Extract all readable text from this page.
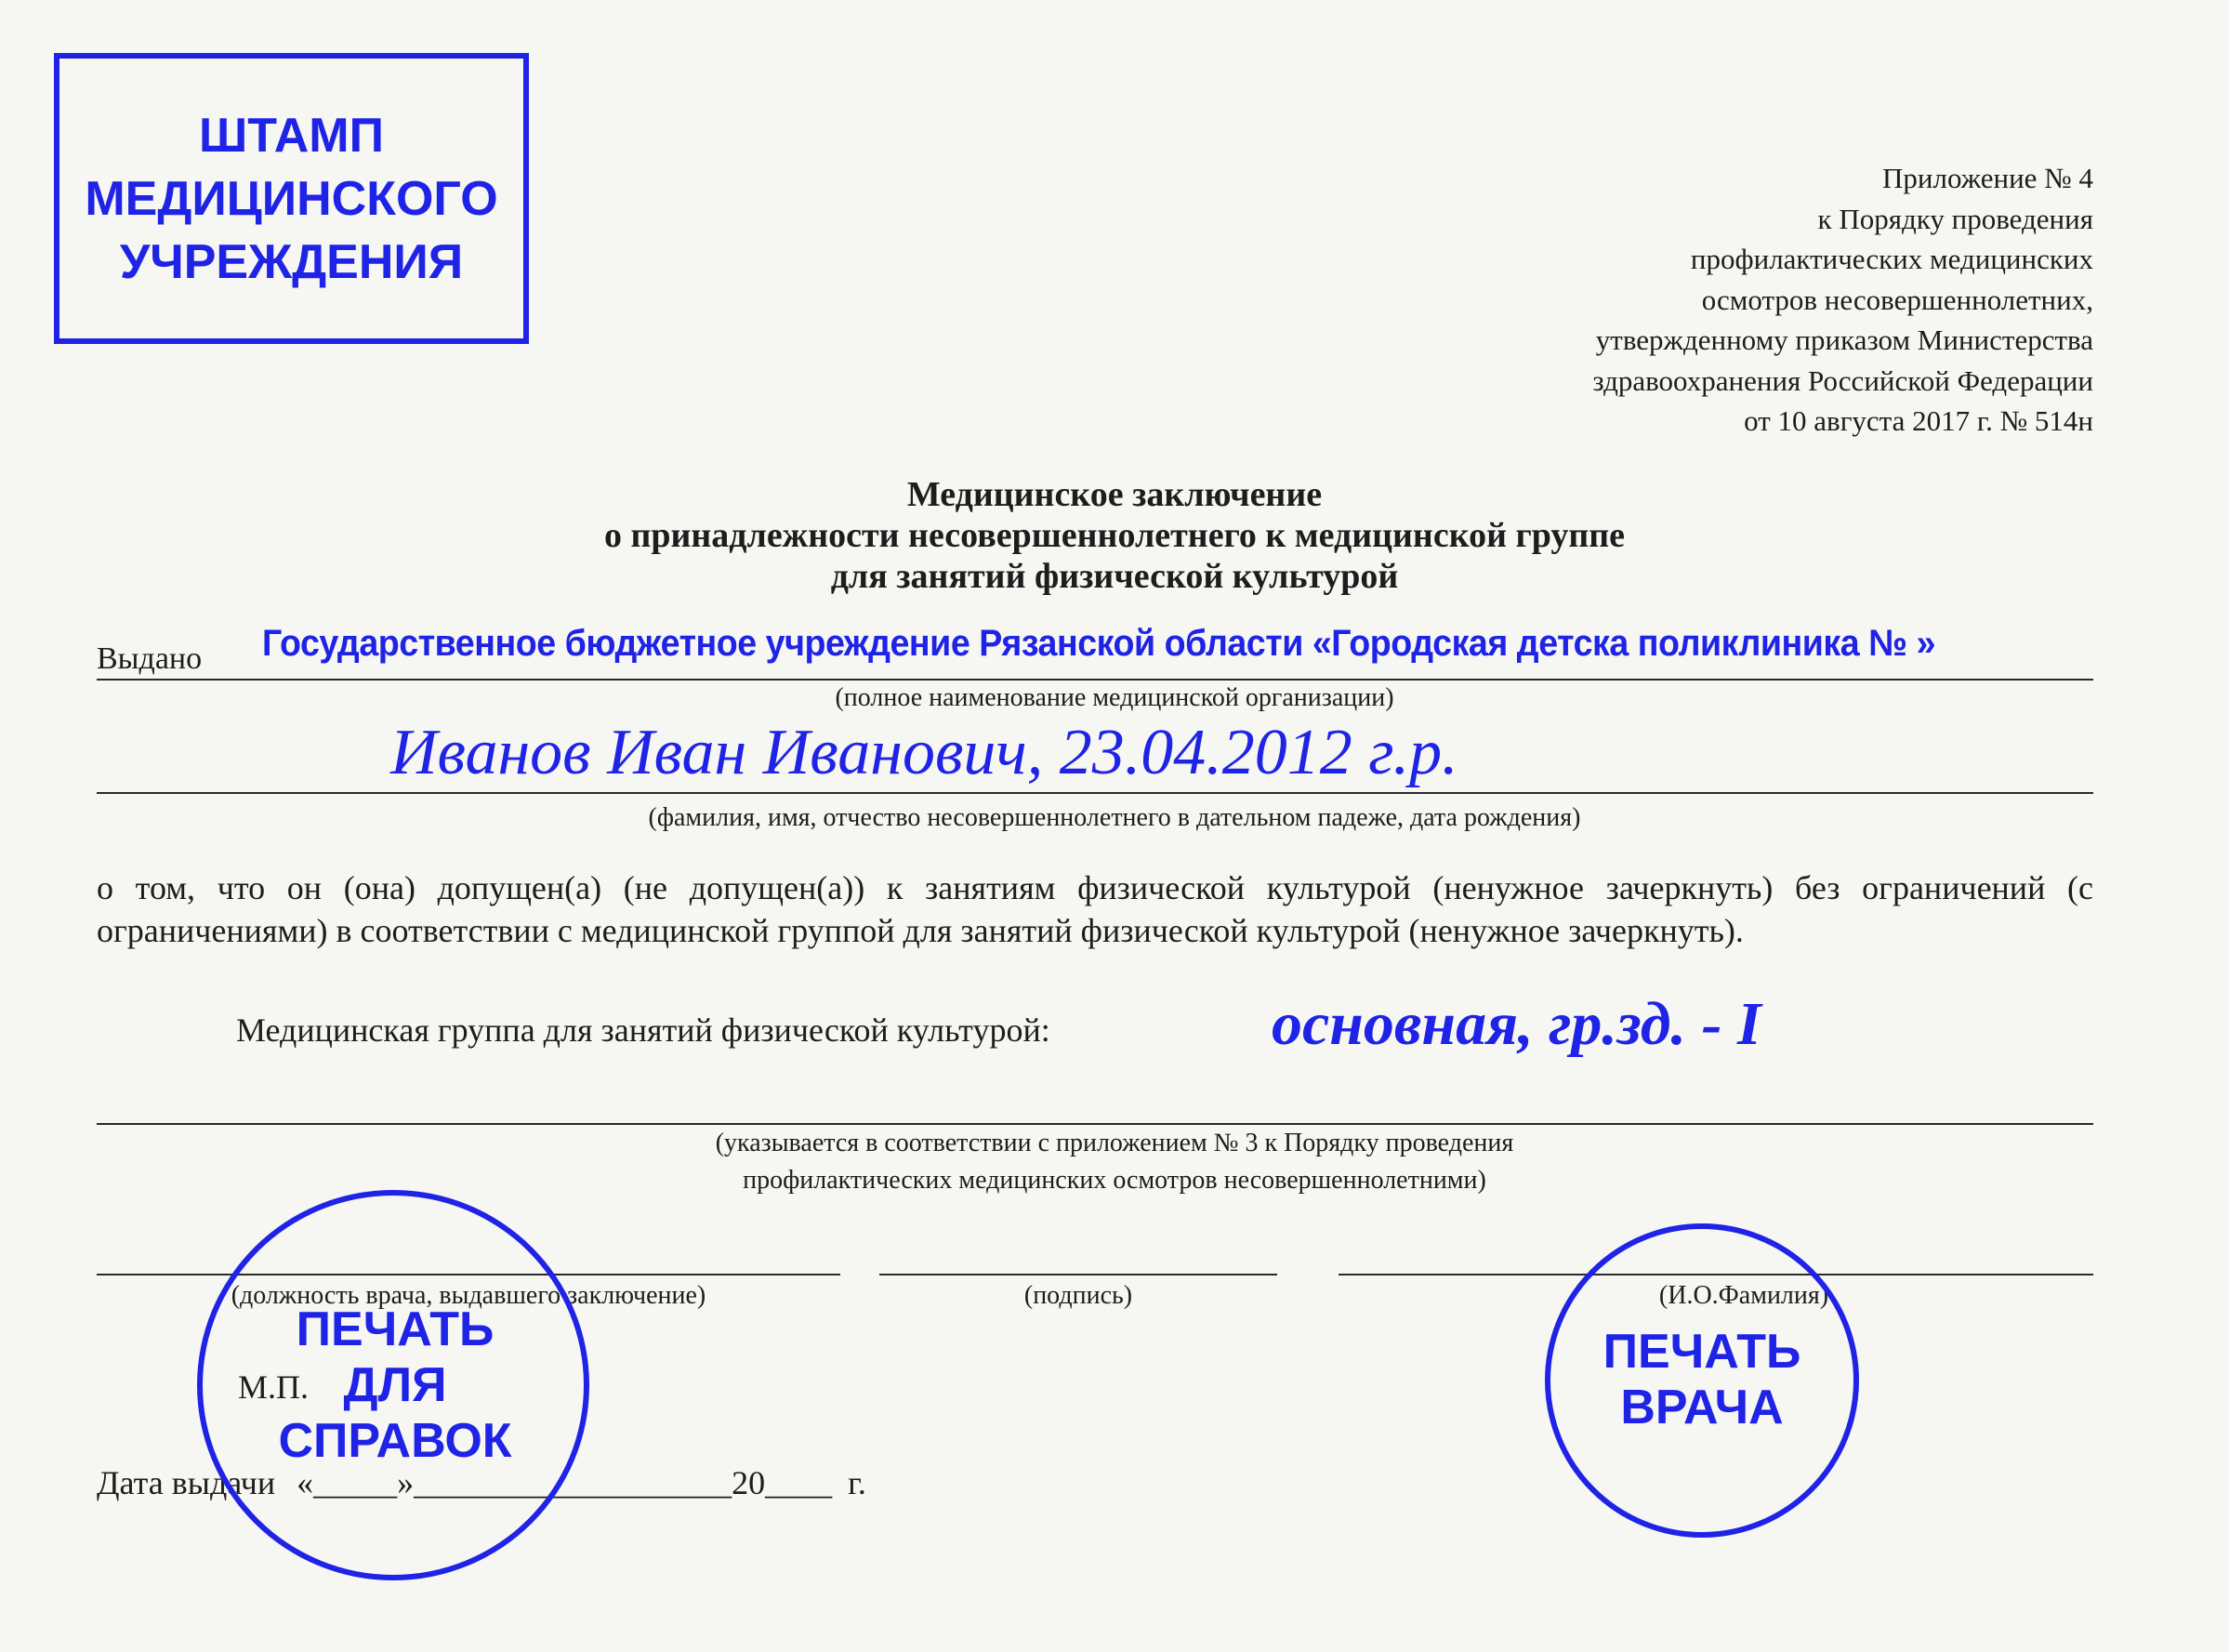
ШТАМП
МЕДИЦИНСКОГО
УЧРЕЖДЕНИЯ
Приложение № 4
к Порядку проведения
профилактических медицинских
осмотров несовершеннолетних,
утвержденному приказом Министерства
здравоохранения Российской Федерации
от 10 августа 2017 г. № 514н
Медицинское заключение
о принадлежности несовершеннолетнего к медицинской группе
для занятий физической культурой
Выдано Государственное бюджетное учреждение Рязанской области «Городская детска поликлиника № »
(полное наименование медицинской организации)
Иванов Иван Иванович, 23.04.2012 г.р.
(фамилия, имя, отчество несовершеннолетнего в дательном падеже, дата рождения)
о том, что он (она) допущен(а) (не допущен(а)) к занятиям физической культурой (ненужное зачеркнуть) без ограничений (с ограничениями) в соответствии с медицинской группой для занятий физической культурой (ненужное зачеркнуть).
Медицинская группа для занятий физической культурой:	основная, гр.зд. - I
(указывается в соответствии с приложением № 3 к Порядку проведения
профилактических медицинских осмотров несовершеннолетними)
(должность врача, выдавшего заключение)	(подпись)	(И.О.Фамилия)
М.П.
Дата выдачи «_____»___________________20____ г.
ПЕЧАТЬ
ДЛЯ
СПРАВОК
ПЕЧАТЬ
ВРАЧА
